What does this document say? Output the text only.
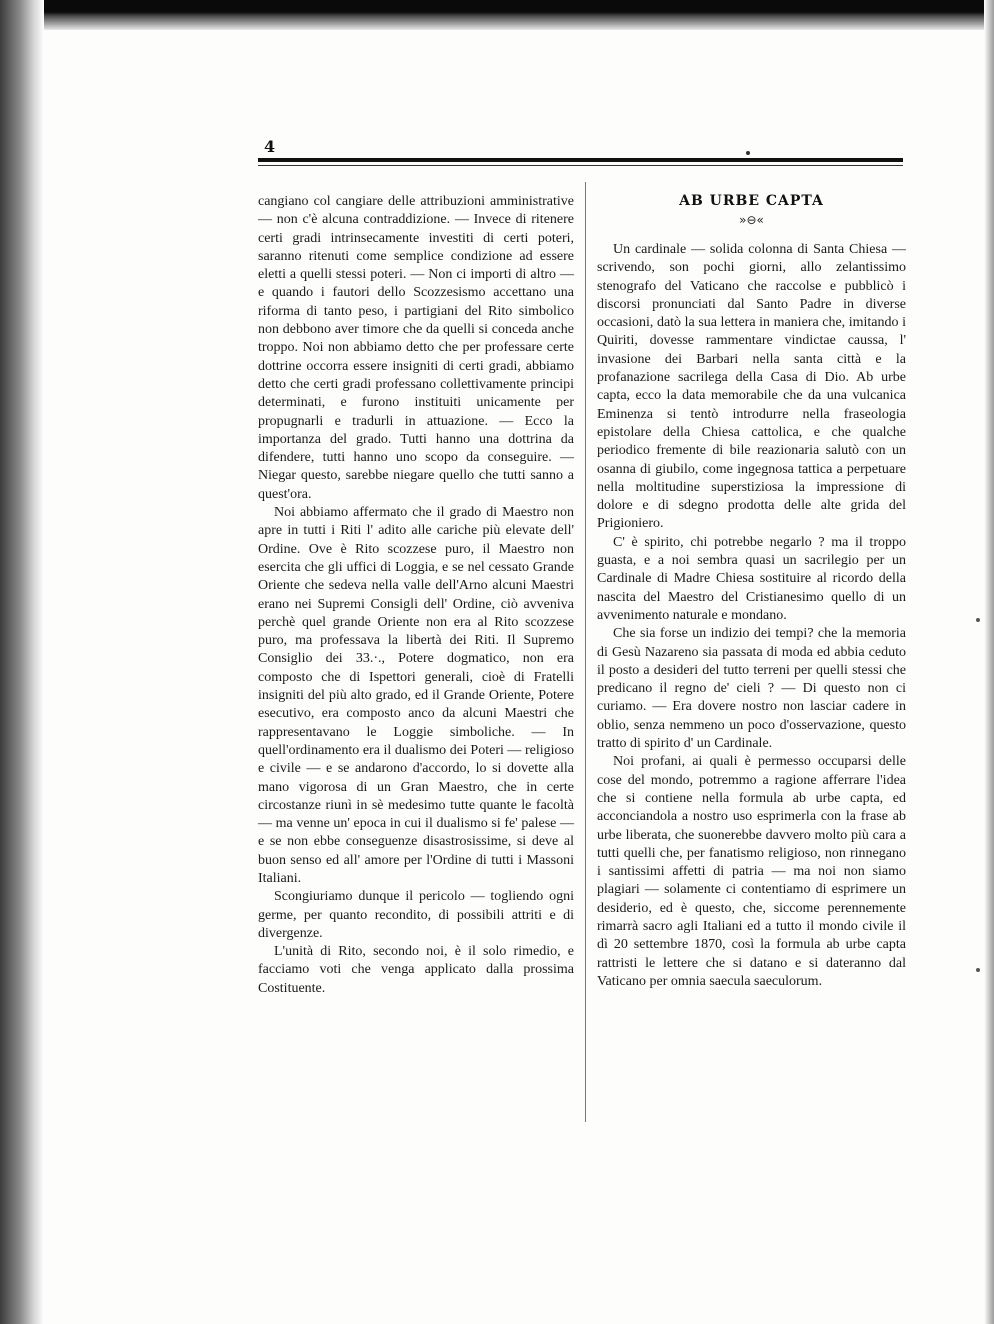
4

cangiano col cangiare delle attribuzioni amministrative — non c'è alcuna contraddizione. — Invece di ritenere certi gradi intrinsecamente investiti di certi poteri, saranno ritenuti come semplice condizione ad essere eletti a quelli stessi poteri. — Non ci importi di altro — e quando i fautori dello Scozzesismo accettano una riforma di tanto peso, i partigiani del Rito simbolico non debbono aver timore che da quelli si conceda anche troppo. Noi non abbiamo detto che per professare certe dottrine occorra essere insigniti di certi gradi, abbiamo detto che certi gradi professano collettivamente principi determinati, e furono instituiti unicamente per propugnarli e tradurli in attuazione. — Ecco la importanza del grado. Tutti hanno una dottrina da difendere, tutti hanno uno scopo da conseguire. — Niegar questo, sarebbe niegare quello che tutti sanno a quest'ora.

Noi abbiamo affermato che il grado di Maestro non apre in tutti i Riti l' adito alle cariche più elevate dell' Ordine. Ove è Rito scozzese puro, il Maestro non esercita che gli uffici di Loggia, e se nel cessato Grande Oriente che sedeva nella valle dell'Arno alcuni Maestri erano nei Supremi Consigli dell' Ordine, ciò avveniva perchè quel grande Oriente non era al Rito scozzese puro, ma professava la libertà dei Riti. Il Supremo Consiglio dei 33.·., Potere dogmatico, non era composto che di Ispettori generali, cioè di Fratelli insigniti del più alto grado, ed il Grande Oriente, Potere esecutivo, era composto anco da alcuni Maestri che rappresentavano le Loggie simboliche. — In quell'ordinamento era il dualismo dei Poteri — religioso e civile — e se andarono d'accordo, lo si dovette alla mano vigorosa di un Gran Maestro, che in certe circostanze riunì in sè medesimo tutte quante le facoltà — ma venne un' epoca in cui il dualismo si fe' palese — e se non ebbe conseguenze disastrosissime, si deve al buon senso ed all' amore per l'Ordine di tutti i Massoni Italiani.

Scongiuriamo dunque il pericolo — togliendo ogni germe, per quanto recondito, di possibili attriti e di divergenze.

L'unità di Rito, secondo noi, è il solo rimedio, e facciamo voti che venga applicato dalla prossima Costituente.

AB URBE CAPTA
»⊖«

Un cardinale — solida colonna di Santa Chiesa — scrivendo, son pochi giorni, allo zelantissimo stenografo del Vaticano che raccolse e pubblicò i discorsi pronunciati dal Santo Padre in diverse occasioni, datò la sua lettera in maniera che, imitando i Quiriti, dovesse rammentare vindictae caussa, l' invasione dei Barbari nella santa città e la profanazione sacrilega della Casa di Dio. Ab urbe capta, ecco la data memorabile che da una vulcanica Eminenza si tentò introdurre nella fraseologia epistolare della Chiesa cattolica, e che qualche periodico fremente di bile reazionaria salutò con un osanna di giubilo, come ingegnosa tattica a perpetuare nella moltitudine superstiziosa la impressione di dolore e di sdegno prodotta delle alte grida del Prigioniero.

C' è spirito, chi potrebbe negarlo ? ma il troppo guasta, e a noi sembra quasi un sacrilegio per un Cardinale di Madre Chiesa sostituire al ricordo della nascita del Maestro del Cristianesimo quello di un avvenimento naturale e mondano.

Che sia forse un indizio dei tempi? che la memoria di Gesù Nazareno sia passata di moda ed abbia ceduto il posto a desideri del tutto terreni per quelli stessi che predicano il regno de' cieli ? — Di questo non ci curiamo. — Era dovere nostro non lasciar cadere in oblio, senza nemmeno un poco d'osservazione, questo tratto di spirito d' un Cardinale.

Noi profani, ai quali è permesso occuparsi delle cose del mondo, potremmo a ragione afferrare l'idea che si contiene nella formula ab urbe capta, ed acconciandola a nostro uso esprimerla con la frase ab urbe liberata, che suonerebbe davvero molto più cara a tutti quelli che, per fanatismo religioso, non rinnegano i santissimi affetti di patria — ma noi non siamo plagiari — solamente ci contentiamo di esprimere un desiderio, ed è questo, che, siccome perennemente rimarrà sacro agli Italiani ed a tutto il mondo civile il dì 20 settembre 1870, così la formula ab urbe capta rattristi le lettere che si datano e si dateranno dal Vaticano per omnia saecula saeculorum.
